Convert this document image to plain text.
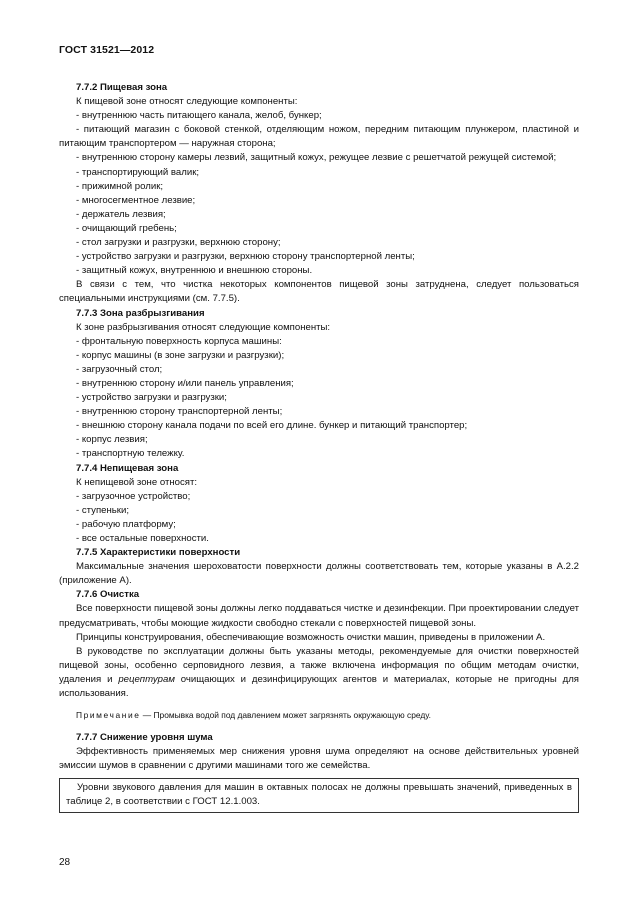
ГОСТ 31521—2012
7.7.2 Пищевая зона

К пищевой зоне относят следующие компоненты:

- внутреннюю часть питающего канала, желоб, бункер;

- питающий магазин с боковой стенкой, отделяющим ножом, передним питающим плунжером, пластиной и питающим транспортером — наружная сторона;

- внутреннюю сторону камеры лезвий, защитный кожух, режущее лезвие с решетчатой режущей системой;

- транспортирующий валик;

- прижимной ролик;

- многосегментное лезвие;

- держатель лезвия;

- очищающий гребень;

- стол загрузки и разгрузки, верхнюю сторону;

- устройство загрузки и разгрузки, верхнюю сторону транспортерной ленты;

- защитный кожух, внутреннюю и внешнюю стороны.

В связи с тем, что чистка некоторых компонентов пищевой зоны затруднена, следует пользоваться специальными инструкциями (см. 7.7.5).

7.7.3 Зона разбрызгивания

К зоне разбрызгивания относят следующие компоненты:

- фронтальную поверхность корпуса машины:

- корпус машины (в зоне загрузки и разгрузки);

- загрузочный стол;

- внутреннюю сторону и/или панель управления;

- устройство загрузки и разгрузки;

- внутреннюю сторону транспортерной ленты;

- внешнюю сторону канала подачи по всей его длине. бункер и питающий транспортер;

- корпус лезвия;

- транспортную тележку.

7.7.4 Непищевая зона

К непищевой зоне относят:

- загрузочное устройство;

- ступеньки;

- рабочую платформу;

- все остальные поверхности.

7.7.5 Характеристики поверхности

Максимальные значения шероховатости поверхности должны соответствовать тем, которые указаны в А.2.2 (приложение А).

7.7.6 Очистка

Все поверхности пищевой зоны должны легко поддаваться чистке и дезинфекции. При проектировании следует предусматривать, чтобы моющие жидкости свободно стекали с поверхностей пищевой зоны.

Принципы конструирования, обеспечивающие возможность очистки машин, приведены в приложении А.

В руководстве по эксплуатации должны быть указаны методы, рекомендуемые для очистки поверхностей пищевой зоны, особенно серповидного лезвия, а также включена информация по общим методам очистки, удаления и рецептурам очищающих и дезинфицирующих агентов и материалах, которые не пригодны для использования.

Примечание — Промывка водой под давлением может загрязнять окружающую среду.

7.7.7 Снижение уровня шума

Эффективность применяемых мер снижения уровня шума определяют на основе действительных уровней эмиссии шумов в сравнении с другими машинами того же семейства.

Уровни звукового давления для машин в октавных полосах не должны превышать значений, приведенных в таблице 2, в соответствии с ГОСТ 12.1.003.

28
